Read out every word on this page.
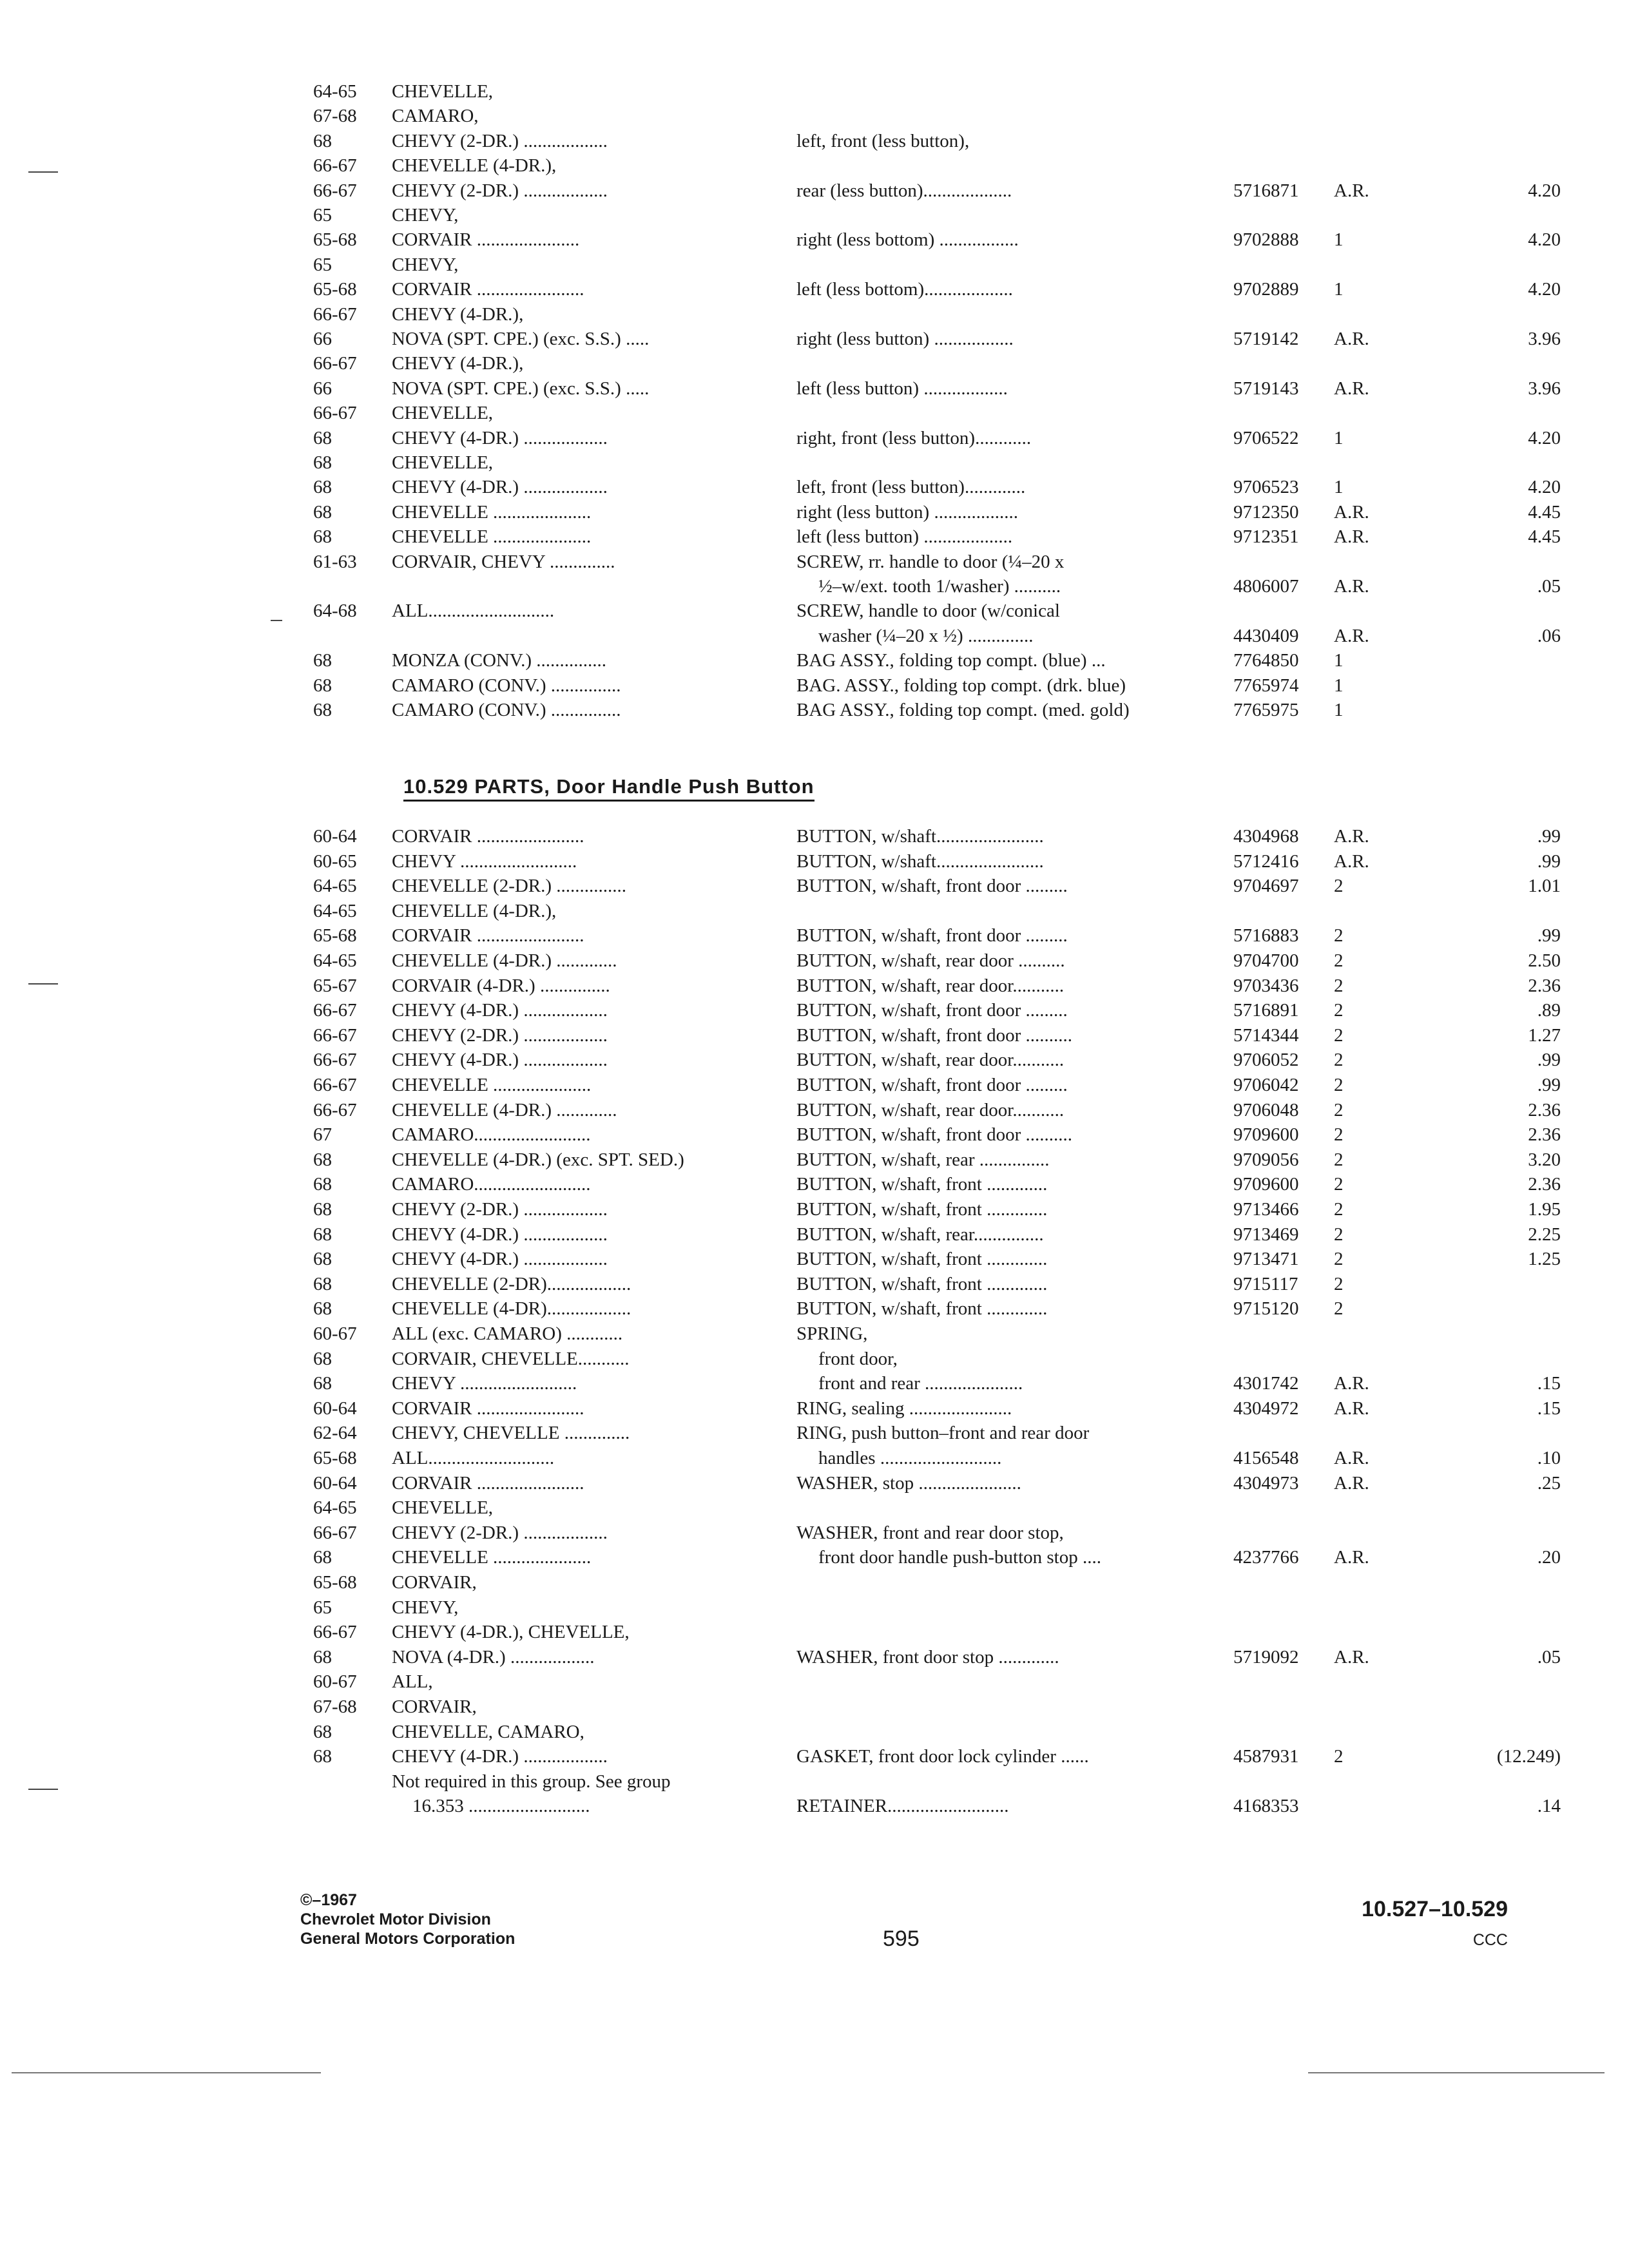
64-65 CHEVELLE,
67-68 CAMARO,
68	CHEVY (2-DR.) ..................	left, front (less button),
66-67 CHEVELLE (4-DR.),
66-67 CHEVY (2-DR.) ..................	rear (less button)...................	5716871 A.R.	4.20
65	CHEVY,
65-68 CORVAIR ......................	right (less bottom) .................	9702888 1	4.20
65	CHEVY,
65-68 CORVAIR .......................	left (less bottom)...................	9702889 1	4.20
66-67 CHEVY (4-DR.),
66	NOVA (SPT. CPE.) (exc. S.S.) .....	right (less button) .................	5719142 A.R.	3.96
66-67 CHEVY (4-DR.),
66	NOVA (SPT. CPE.) (exc. S.S.) .....	left (less button) ..................	5719143 A.R.	3.96
66-67 CHEVELLE,
68	CHEVY (4-DR.) ..................	right, front (less button)............	9706522 1	4.20
68	CHEVELLE,
68	CHEVY (4-DR.) ..................	left, front (less button).............	9706523 1	4.20
68	CHEVELLE .....................	right (less button) ..................	9712350 A.R.	4.45
68	CHEVELLE .....................	left (less button) ...................	9712351 A.R.	4.45
61-63 CORVAIR, CHEVY ..............	SCREW, rr. handle to door (¼–20 x
½–w/ext. tooth 1/washer) ..........	4806007 A.R.	.05
64-68 ALL...........................	SCREW, handle to door (w/conical
washer (¼–20 x ½) ..............	4430409 A.R.	.06
68	MONZA (CONV.) ...............	BAG ASSY., folding top compt. (blue) ...	7764850 1
68	CAMARO (CONV.) ...............	BAG. ASSY., folding top compt. (drk. blue)	7765974 1
68	CAMARO (CONV.) ...............	BAG ASSY., folding top compt. (med. gold)	7765975 1
10.529 PARTS, Door Handle Push Button
60-64 CORVAIR .......................	BUTTON, w/shaft.......................	4304968 A.R.	.99
60-65 CHEVY .........................	BUTTON, w/shaft.......................	5712416 A.R.	.99
64-65 CHEVELLE (2-DR.) ...............	BUTTON, w/shaft, front door .........	9704697 2	1.01
64-65 CHEVELLE (4-DR.),
65-68 CORVAIR .......................	BUTTON, w/shaft, front door .........	5716883 2	.99
64-65 CHEVELLE (4-DR.) .............	BUTTON, w/shaft, rear door ..........	9704700 2	2.50
65-67 CORVAIR (4-DR.) ...............	BUTTON, w/shaft, rear door...........	9703436 2	2.36
66-67 CHEVY (4-DR.) ..................	BUTTON, w/shaft, front door .........	5716891 2	.89
66-67 CHEVY (2-DR.) ..................	BUTTON, w/shaft, front door ..........	5714344 2	1.27
66-67 CHEVY (4-DR.) ..................	BUTTON, w/shaft, rear door...........	9706052 2	.99
66-67 CHEVELLE .....................	BUTTON, w/shaft, front door .........	9706042 2	.99
66-67 CHEVELLE (4-DR.) .............	BUTTON, w/shaft, rear door...........	9706048 2	2.36
67	CAMARO.........................	BUTTON, w/shaft, front door ..........	9709600 2	2.36
68	CHEVELLE (4-DR.) (exc. SPT. SED.)	BUTTON, w/shaft, rear ...............	9709056 2	3.20
68	CAMARO.........................	BUTTON, w/shaft, front .............	9709600 2	2.36
68	CHEVY (2-DR.) ..................	BUTTON, w/shaft, front .............	9713466 2	1.95
68	CHEVY (4-DR.) ..................	BUTTON, w/shaft, rear...............	9713469 2	2.25
68	CHEVY (4-DR.) ..................	BUTTON, w/shaft, front .............	9713471 2	1.25
68	CHEVELLE (2-DR)..................	BUTTON, w/shaft, front .............	9715117 2
68	CHEVELLE (4-DR)..................	BUTTON, w/shaft, front .............	9715120 2
60-67 ALL (exc. CAMARO) ............	SPRING,
68	CORVAIR, CHEVELLE...........	front door,
68	CHEVY .........................	front and rear .....................	4301742 A.R.	.15
60-64 CORVAIR .......................	RING, sealing ......................	4304972 A.R.	.15
62-64 CHEVY, CHEVELLE ..............	RING, push button–front and rear door
65-68 ALL...........................	handles ..........................	4156548 A.R.	.10
60-64 CORVAIR .......................	WASHER, stop ......................	4304973 A.R.	.25
64-65 CHEVELLE,
66-67 CHEVY (2-DR.) ..................	WASHER, front and rear door stop,
68	CHEVELLE .....................	front door handle push-button stop ....	4237766 A.R.	.20
65-68 CORVAIR,
65	CHEVY,
66-67 CHEVY (4-DR.), CHEVELLE,
68	NOVA (4-DR.) ..................	WASHER, front door stop .............	5719092 A.R.	.05
60-67 ALL,
67-68 CORVAIR,
68	CHEVELLE, CAMARO,
68	CHEVY (4-DR.) ..................	GASKET, front door lock cylinder ......	4587931 2	(12.249)
Not required in this group. See group
16.353 ..........................	RETAINER..........................	4168353	.14
©–1967
Chevrolet Motor Division
General Motors Corporation	595
10.527–10.529
CCC
